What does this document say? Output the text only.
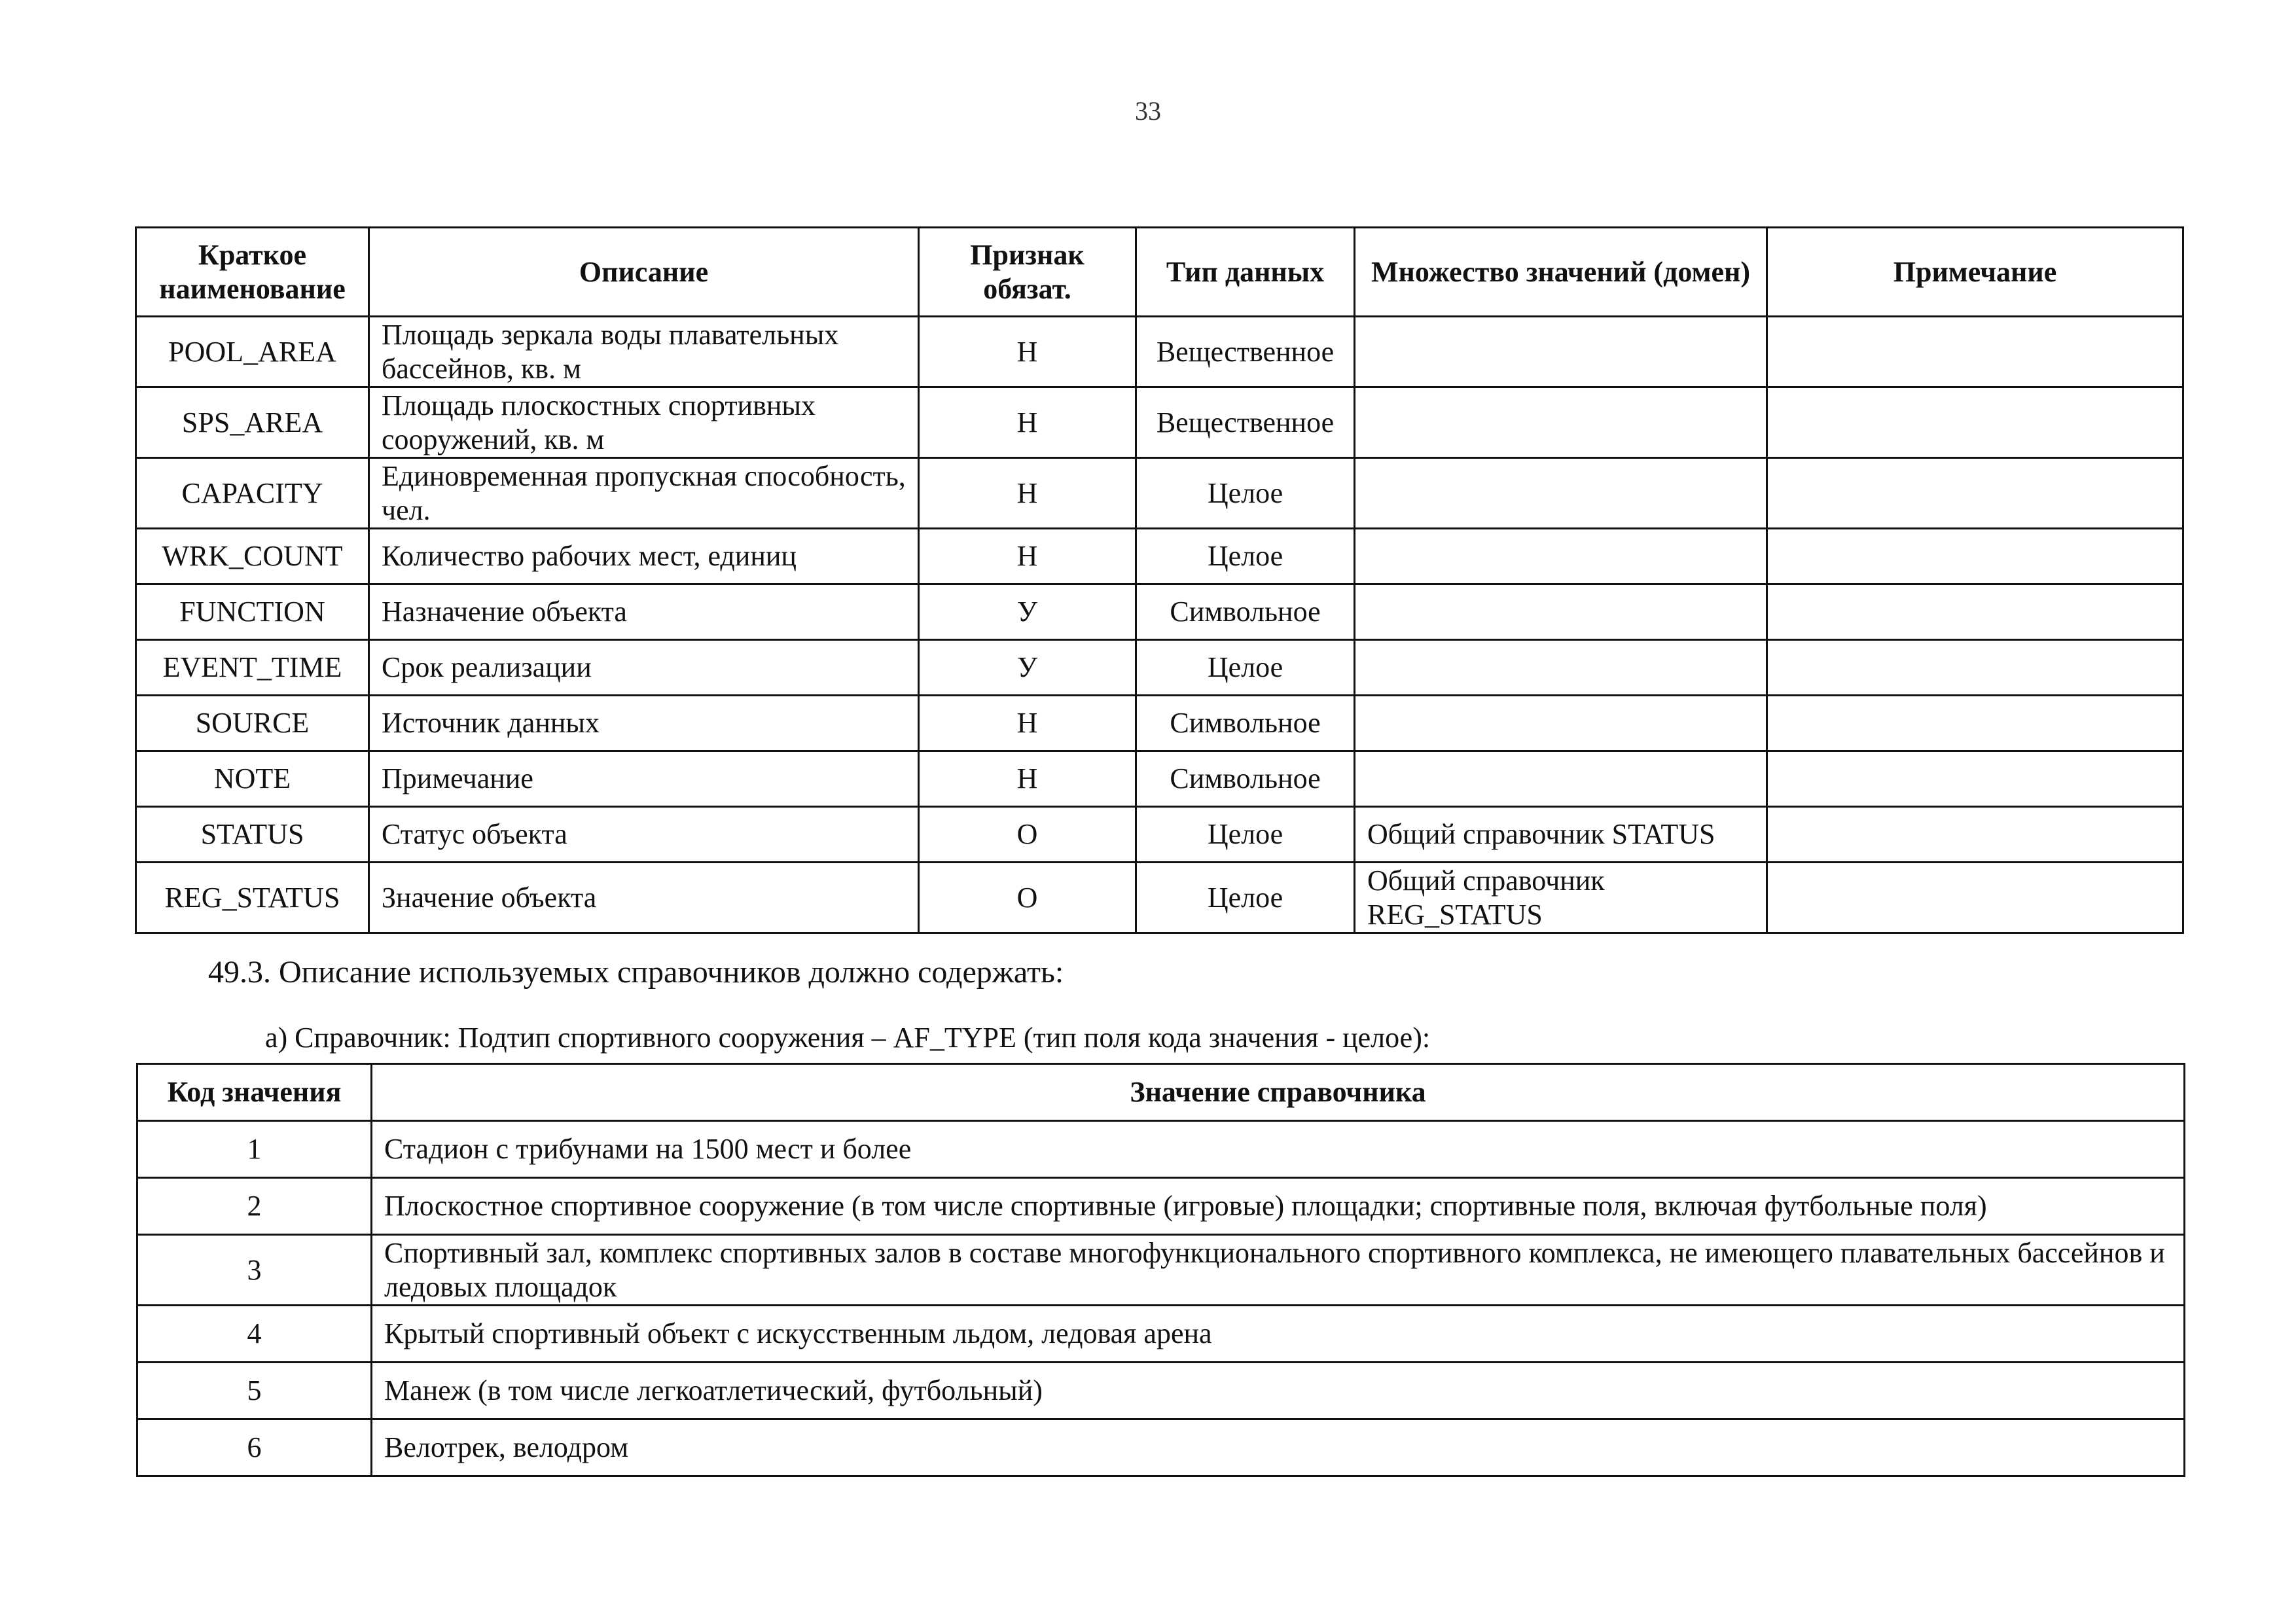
33
Краткое наименование	Описание	Признак обязат.	Тип данных	Множество значений (домен)	Примечание
POOL_AREA	Площадь зеркала воды плавательных бассейнов, кв. м	Н	Вещественное		
SPS_AREA	Площадь плоскостных спортивных сооружений, кв. м	Н	Вещественное		
CAPACITY	Единовременная пропускная способность, чел.	Н	Целое		
WRK_COUNT	Количество рабочих мест, единиц	Н	Целое		
FUNCTION	Назначение объекта	У	Символьное		
EVENT_TIME	Срок реализации	У	Целое		
SOURCE	Источник данных	Н	Символьное		
NOTE	Примечание	Н	Символьное		
STATUS	Статус объекта	О	Целое	Общий справочник STATUS	
REG_STATUS	Значение объекта	О	Целое	Общий справочник REG_STATUS	
49.3. Описание используемых справочников должно содержать:
а) Справочник: Подтип спортивного сооружения – AF_TYPE (тип поля кода значения - целое):
Код значения	Значение справочника
1	Стадион с трибунами на 1500 мест и более
2	Плоскостное спортивное сооружение (в том числе спортивные (игровые) площадки; спортивные поля, включая футбольные поля)
3	Спортивный зал, комплекс спортивных залов в составе многофункционального спортивного комплекса, не имеющего плавательных бассейнов и ледовых площадок
4	Крытый спортивный объект с искусственным льдом, ледовая арена
5	Манеж (в том числе легкоатлетический, футбольный)
6	Велотрек, велодром
